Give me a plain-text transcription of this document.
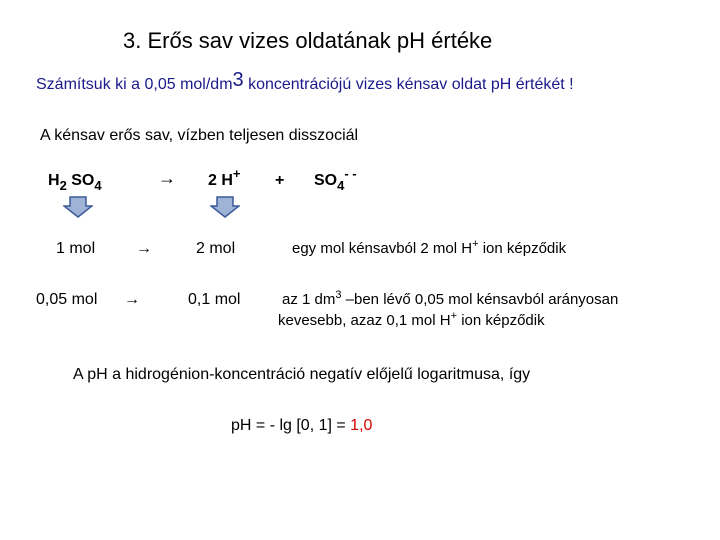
3. Erős sav vizes oldatának pH értéke
Számítsuk ki a 0,05 mol/$dm^3$ koncentrációjú vizes kénsav oldat pH értékét !
A kénsav erős sav, vízben teljesen disszociál
$H_2$ $SO_4$	→ 2 $H^+ + SO_4^{- -}$
1 mol	→	2 mol	egy mol kénsavból 2 mol H+ ion képződik
0,05 mol →	0,1 mol	az 1 $dm^3$ –ben lévő 0,05 mol kénsavból arányosan
kevesebb, azaz 0,1 mol H+ ion képződik
A pH a hidrogénion-koncentráció negatív előjelű logaritmusa, így
pH = - lg [0, 1] = 1,0
